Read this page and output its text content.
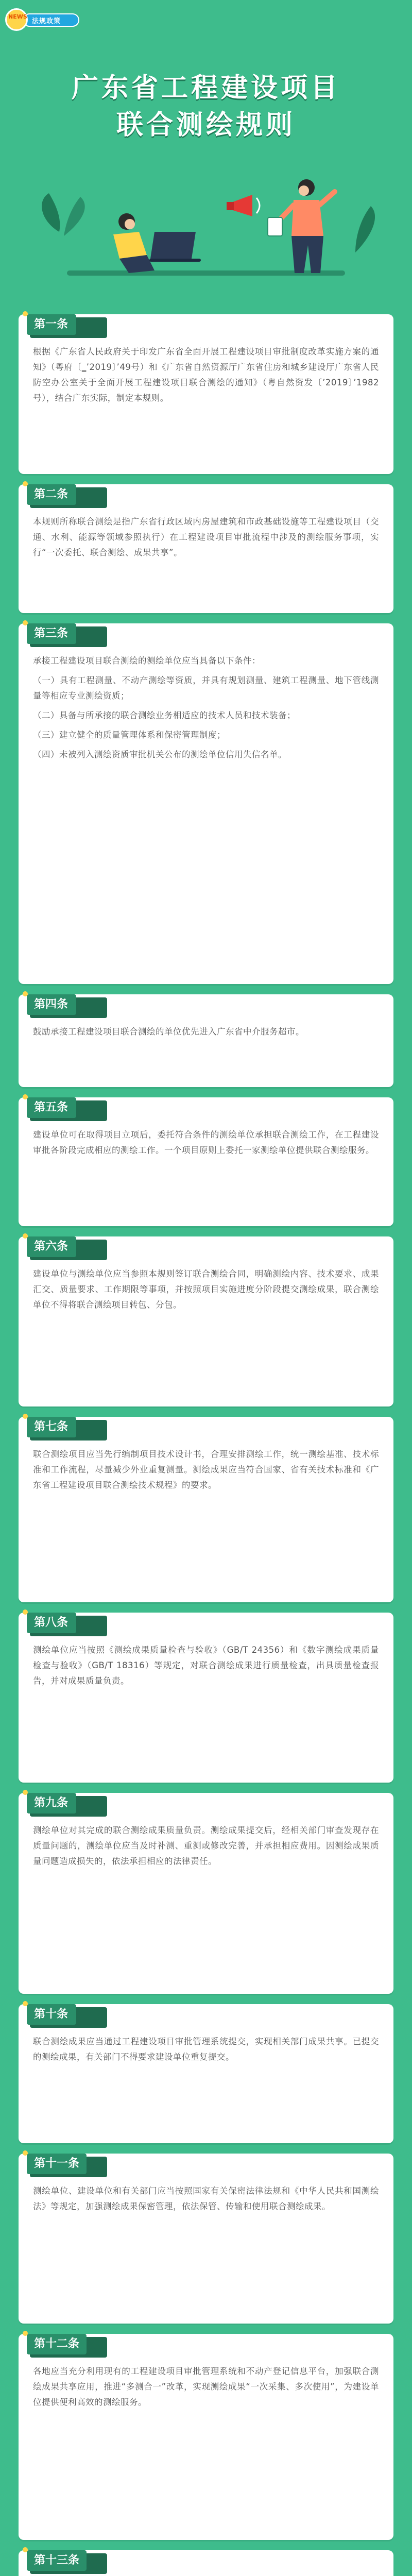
法规政策
NEWS
广东省工程建设项目
联合测绘规则
第一条

根据《广东省人民政府关于印发广东省全面开展工程建设项目审批制度改革实施方案的通知》（粤府〔‗’2019〕’49号）和《广东省自然资源厅广东省住房和城乡建设厅广东省人民防空办公室关于全面开展工程建设项目联合测绘的通知》（粤自然资发〔’2019〕’1982号），结合广东实际，制定本规则。

第二条

本规则所称联合测绘是指广东省行政区域内房屋建筑和市政基础设施等工程建设项目（交通、水利、能源等领域参照执行）在工程建设项目审批流程中涉及的测绘服务事项，实行“一次委托、联合测绘、成果共享”。

第三条

承接工程建设项目联合测绘的测绘单位应当具备以下条件：

（一）具有工程测量、不动产测绘等资质，并具有规划测量、建筑工程测量、地下管线测量等相应专业测绘资质；

（二）具备与所承接的联合测绘业务相适应的技术人员和技术装备；

（三）建立健全的质量管理体系和保密管理制度；

（四）未被列入测绘资质审批机关公布的测绘单位信用失信名单。

第四条

鼓励承接工程建设项目联合测绘的单位优先进入广东省中介服务超市。

第五条

建设单位可在取得项目立项后，委托符合条件的测绘单位承担联合测绘工作，在工程建设审批各阶段完成相应的测绘工作。一个项目原则上委托一家测绘单位提供联合测绘服务。

第六条

建设单位与测绘单位应当参照本规则签订联合测绘合同，明确测绘内容、技术要求、成果汇交、质量要求、工作期限等事项，并按照项目实施进度分阶段提交测绘成果，联合测绘单位不得将联合测绘项目转包、分包。

第七条

联合测绘项目应当先行编制项目技术设计书，合理安排测绘工作，统一测绘基准、技术标准和工作流程，尽量减少外业重复测量。测绘成果应当符合国家、省有关技术标准和《广东省工程建设项目联合测绘技术规程》的要求。

第八条

测绘单位应当按照《测绘成果质量检查与验收》（GB/T 24356）和《数字测绘成果质量检查与验收》（GB/T 18316）等规定，对联合测绘成果进行质量检查，出具质量检查报告，并对成果质量负责。

第九条

测绘单位对其完成的联合测绘成果质量负责。测绘成果提交后，经相关部门审查发现存在质量问题的，测绘单位应当及时补测、重测或修改完善，并承担相应费用。因测绘成果质量问题造成损失的，依法承担相应的法律责任。

第十条

联合测绘成果应当通过工程建设项目审批管理系统提交，实现相关部门成果共享。已提交的测绘成果，有关部门不得要求建设单位重复提交。

第十一条

测绘单位、建设单位和有关部门应当按照国家有关保密法律法规和《中华人民共和国测绘法》等规定，加强测绘成果保密管理，依法保管、传输和使用联合测绘成果。

第十二条

各地应当充分利用现有的工程建设项目审批管理系统和不动产登记信息平台，加强联合测绘成果共享应用，推进“多测合一”改革，实现测绘成果“一次采集、多次使用”，为建设单位提供便利高效的测绘服务。

第十三条
